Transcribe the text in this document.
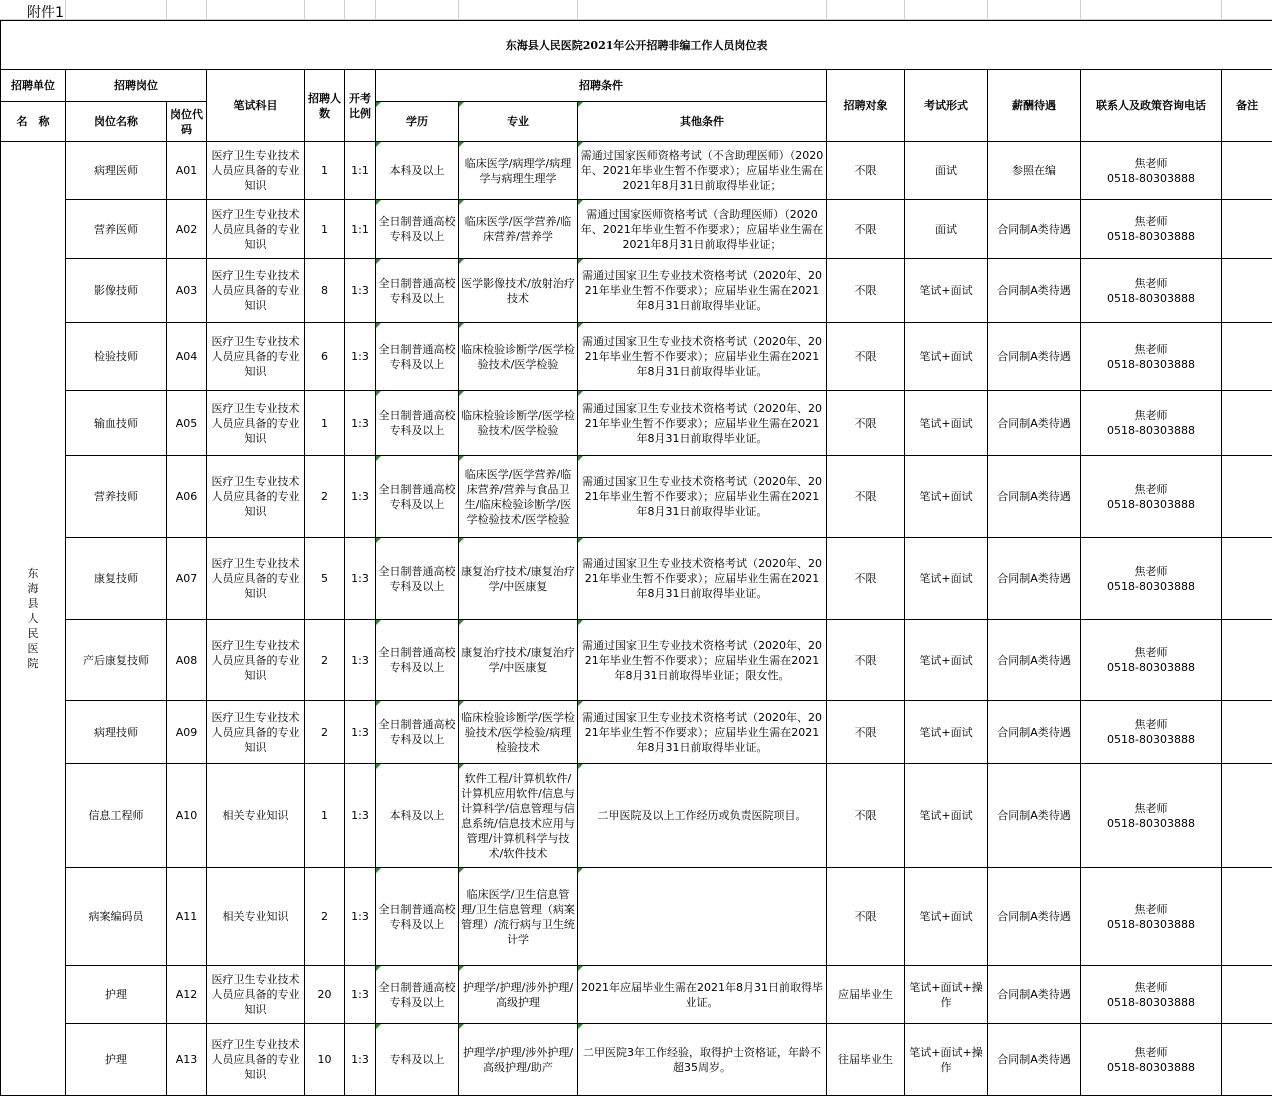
附件1
东海县人民医院2021年公开招聘非编工作人员岗位表													
招聘单位	招聘岗位		笔试科目	招聘人数	开考比例	招聘条件			招聘对象	考试形式	薪酬待遇	联系人及政策咨询电话	备注
名　称	岗位名称	岗位代码				学历	专业	其他条件					
东海县人民医院	病理医师	A01	医疗卫生专业技术人员应具备的专业知识	1	1:1	本科及以上	临床医学/病理学/病理学与病理生理学	需通过国家医师资格考试（不含助理医师）（2020年、2021年毕业生暂不作要求）；应届毕业生需在2021年8月31日前取得毕业证；	不限	面试	参照在编	焦老师
0518-80303888	

	营养医师	A02	医疗卫生专业技术人员应具备的专业知识	1	1:1	全日制普通高校专科及以上	临床医学/医学营养/临床营养/营养学	需通过国家医师资格考试（含助理医师）（2020年、2021年毕业生暂不作要求）；应届毕业生需在2021年8月31日前取得毕业证；	不限	面试	合同制A类待遇	焦老师
0518-80303888	

	影像技师	A03	医疗卫生专业技术人员应具备的专业知识	8	1:3	全日制普通高校专科及以上	医学影像技术/放射治疗技术	需通过国家卫生专业技术资格考试（2020年、2021年毕业生暂不作要求）；应届毕业生需在2021年8月31日前取得毕业证。	不限	笔试+面试	合同制A类待遇	焦老师
0518-80303888	

	检验技师	A04	医疗卫生专业技术人员应具备的专业知识	6	1:3	全日制普通高校专科及以上	临床检验诊断学/医学检验技术/医学检验	需通过国家卫生专业技术资格考试（2020年、2021年毕业生暂不作要求）；应届毕业生需在2021年8月31日前取得毕业证。	不限	笔试+面试	合同制A类待遇	焦老师
0518-80303888	

	输血技师	A05	医疗卫生专业技术人员应具备的专业知识	1	1:3	全日制普通高校专科及以上	临床检验诊断学/医学检验技术/医学检验	需通过国家卫生专业技术资格考试（2020年、2021年毕业生暂不作要求）；应届毕业生需在2021年8月31日前取得毕业证。	不限	笔试+面试	合同制A类待遇	焦老师
0518-80303888	

	营养技师	A06	医疗卫生专业技术人员应具备的专业知识	2	1:3	全日制普通高校专科及以上	临床医学/医学营养/临床营养/营养与食品卫生/临床检验诊断学/医学检验技术/医学检验	需通过国家卫生专业技术资格考试（2020年、2021年毕业生暂不作要求）；应届毕业生需在2021年8月31日前取得毕业证。	不限	笔试+面试	合同制A类待遇	焦老师
0518-80303888	

	康复技师	A07	医疗卫生专业技术人员应具备的专业知识	5	1:3	全日制普通高校专科及以上	康复治疗技术/康复治疗学/中医康复	需通过国家卫生专业技术资格考试（2020年、2021年毕业生暂不作要求）；应届毕业生需在2021年8月31日前取得毕业证。	不限	笔试+面试	合同制A类待遇	焦老师
0518-80303888	

	产后康复技师	A08	医疗卫生专业技术人员应具备的专业知识	2	1:3	全日制普通高校专科及以上	康复治疗技术/康复治疗学/中医康复	需通过国家卫生专业技术资格考试（2020年、2021年毕业生暂不作要求）；应届毕业生需在2021年8月31日前取得毕业证；限女性。	不限	笔试+面试	合同制A类待遇	焦老师
0518-80303888	

	病理技师	A09	医疗卫生专业技术人员应具备的专业知识	2	1:3	全日制普通高校专科及以上	临床检验诊断学/医学检验技术/医学检验/病理检验技术	需通过国家卫生专业技术资格考试（2020年、2021年毕业生暂不作要求）；应届毕业生需在2021年8月31日前取得毕业证。	不限	笔试+面试	合同制A类待遇	焦老师
0518-80303888	

	信息工程师	A10	相关专业知识	1	1:3	本科及以上	软件工程/计算机软件/计算机应用软件/信息与计算科学/信息管理与信息系统/信息技术应用与管理/计算机科学与技术/软件技术	二甲医院及以上工作经历或负责医院项目。	不限	笔试+面试	合同制A类待遇	焦老师
0518-80303888	

	病案编码员	A11	相关专业知识	2	1:3	全日制普通高校专科及以上	临床医学/卫生信息管理/卫生信息管理（病案管理）/流行病与卫生统计学		不限	笔试+面试	合同制A类待遇	焦老师
0518-80303888	

	护理	A12	医疗卫生专业技术人员应具备的专业知识	20	1:3	全日制普通高校专科及以上	护理学/护理/涉外护理/高级护理	2021年应届毕业生需在2021年8月31日前取得毕业证。	应届毕业生	笔试+面试+操作	合同制A类待遇	焦老师
0518-80303888	

	护理	A13	医疗卫生专业技术人员应具备的专业知识	10	1:3	专科及以上	护理学/护理/涉外护理/高级护理/助产	二甲医院3年工作经验，取得护士资格证，年龄不超35周岁。	往届毕业生	笔试+面试+操作	合同制A类待遇	焦老师
0518-80303888	
